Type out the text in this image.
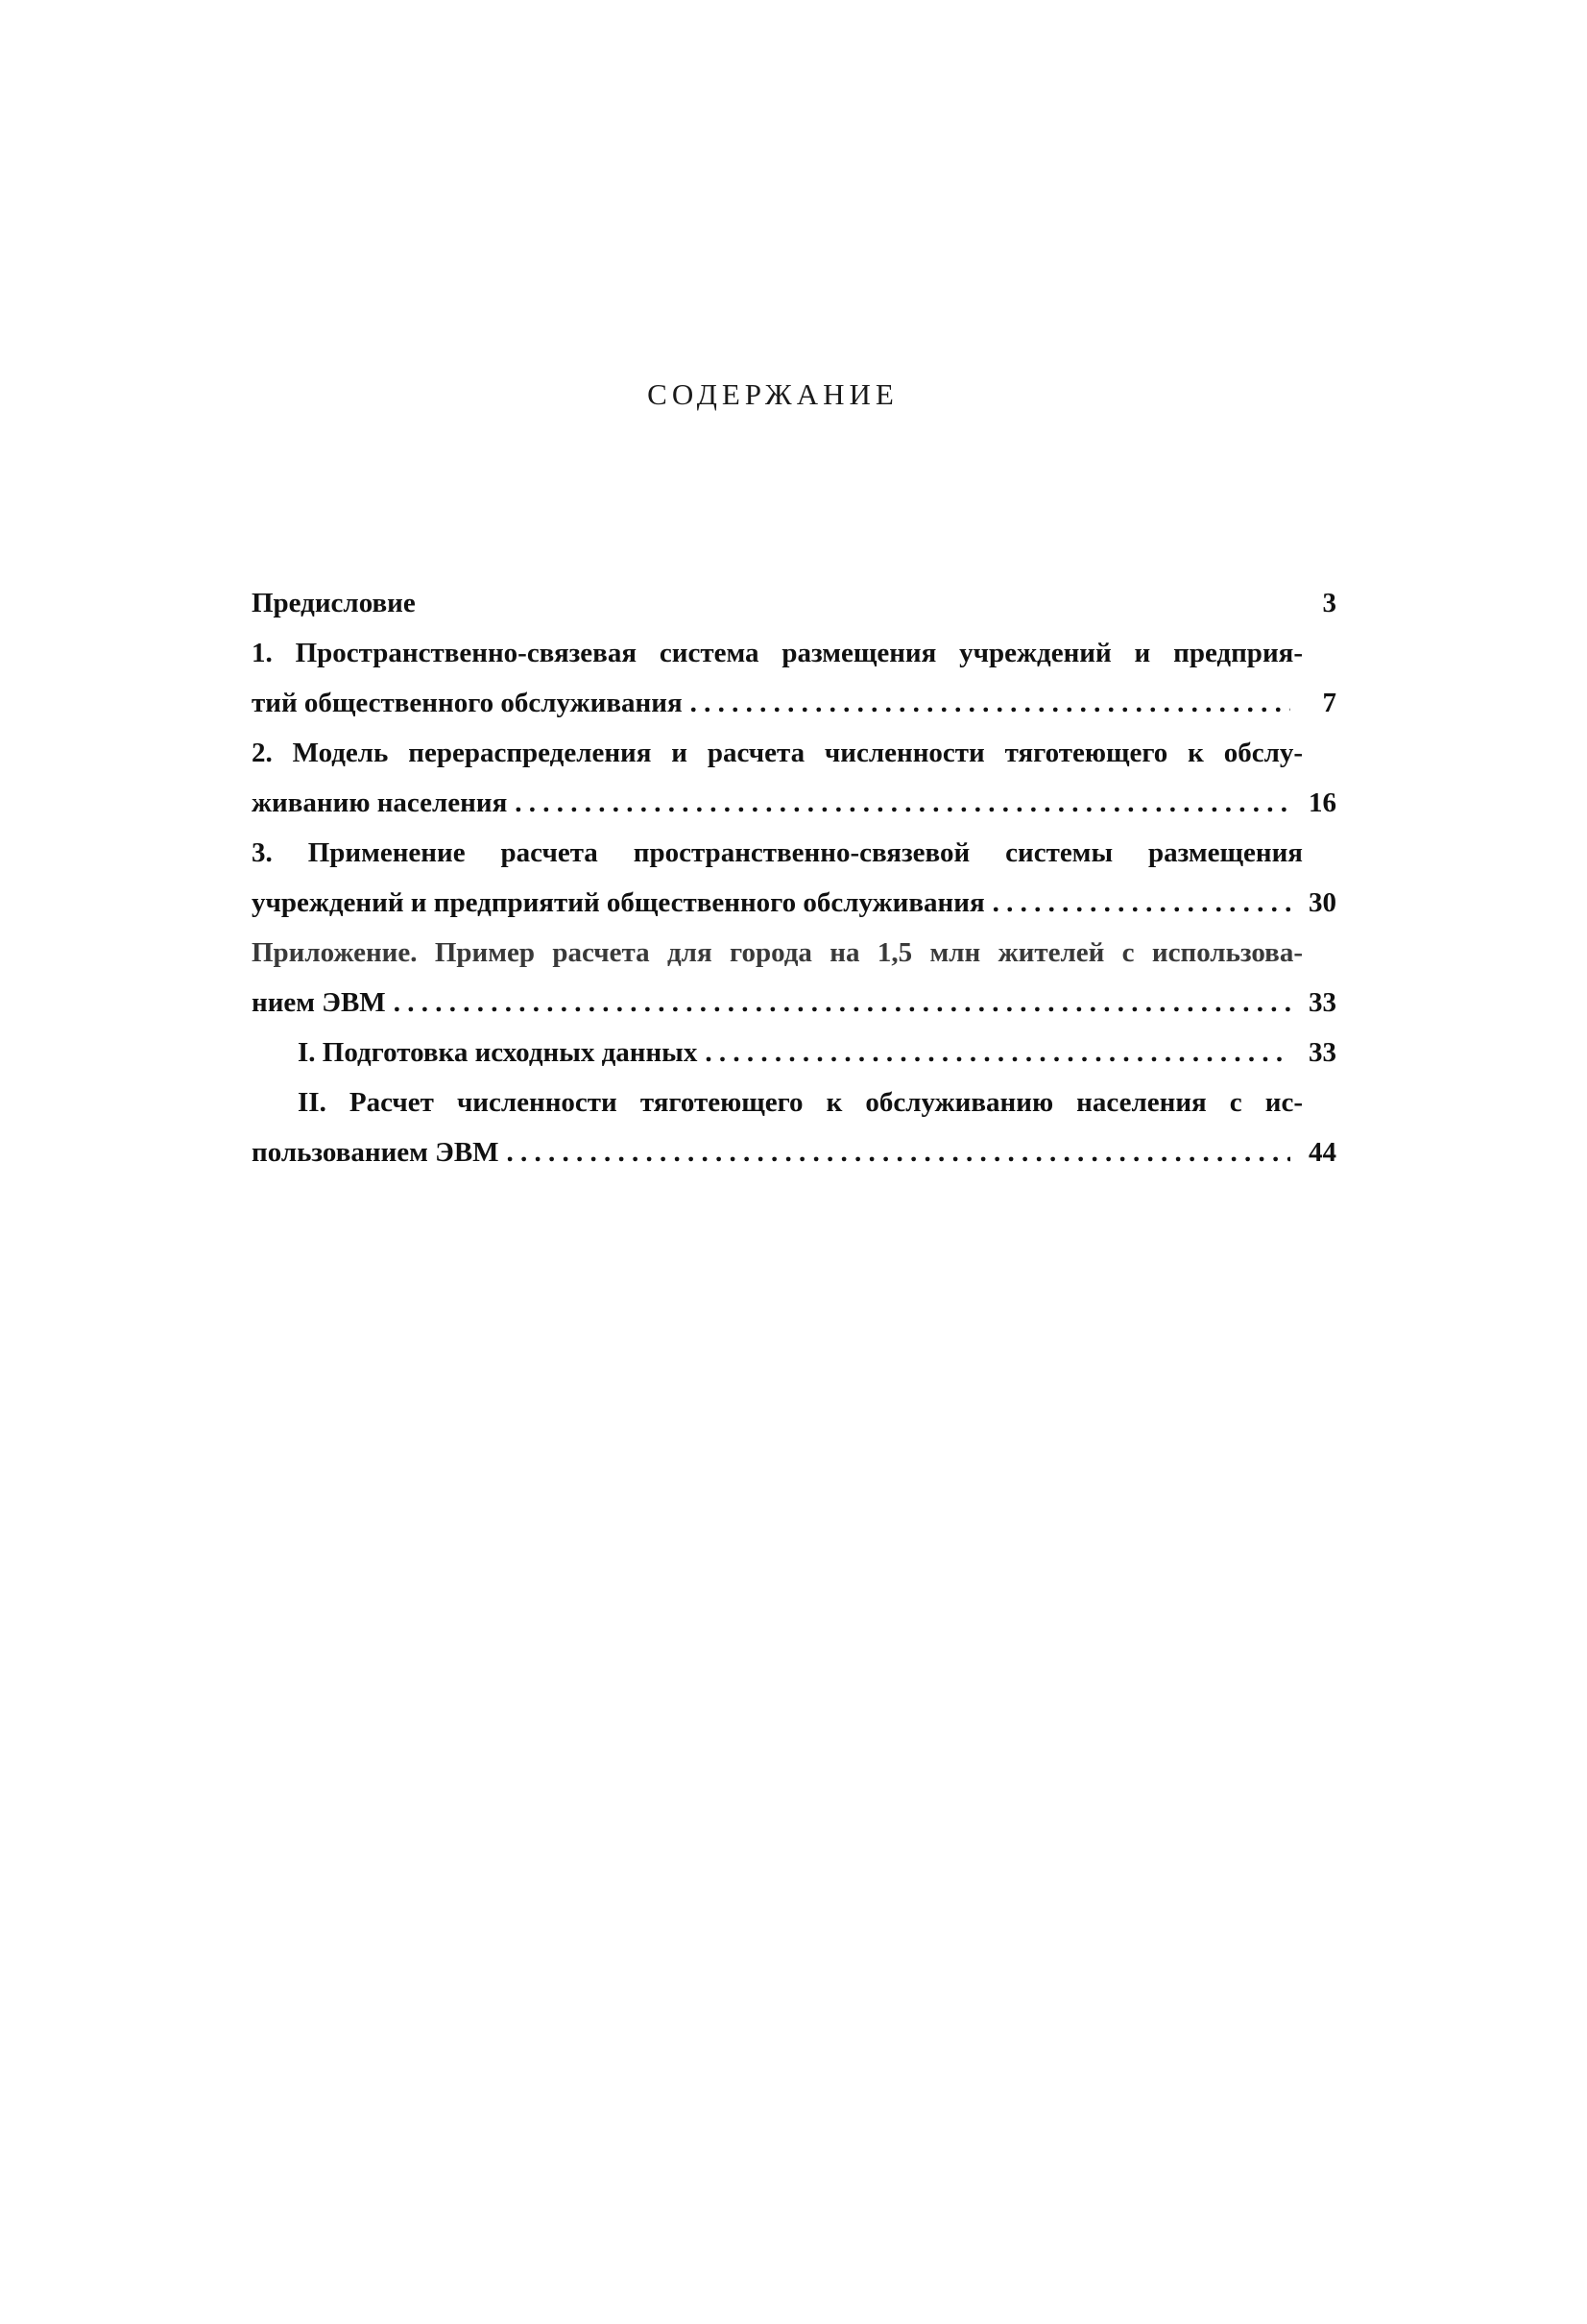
СОДЕРЖАНИЕ
Предисловие	3
1. Пространственно-связевая система размещения учреждений и предприя-
тий общественного обслуживания . . .	7
2. Модель перераспределения и расчета численности тяготеющего к обслу-
живанию населения . . .	16
3. Применение расчета пространственно-связевой системы размещения
учреждений и предприятий общественного обслуживания . . .	30
Приложение. Пример расчета для города на 1,5 млн жителей с использова-
нием ЭВМ . . .	33
I. Подготовка исходных данных . . .	33
II. Расчет численности тяготеющего к обслуживанию населения с ис-
пользованием ЭВМ . . .	44
